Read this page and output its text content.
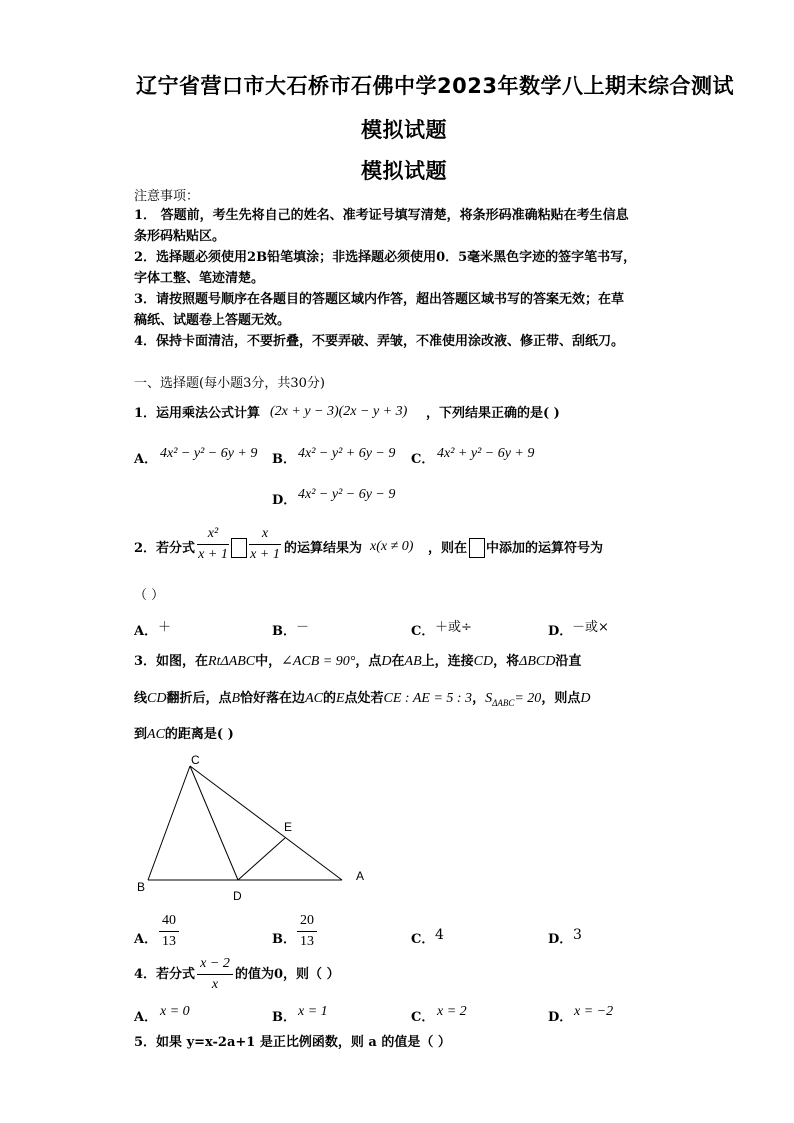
辽宁省营口市大石桥市石佛中学2023年数学八上期末综合测试
模拟试题
模拟试题
注意事项：
1． 答题前，考生先将自己的姓名、准考证号填写清楚，将条形码准确粘贴在考生信息
条形码粘贴区。
2．选择题必须使用2B铅笔填涂；非选择题必须使用0．5毫米黑色字迹的签字笔书写，
字体工整、笔迹清楚。
3．请按照题号顺序在各题目的答题区域内作答，超出答题区域书写的答案无效；在草
稿纸、试题卷上答题无效。
4．保持卡面清洁，不要折叠，不要弄破、弄皱，不准使用涂改液、修正带、刮纸刀。
一、选择题(每小题3分，共30分)
1．运用乘法公式计算 (2x + y − 3)(2x − y + 3) ，下列结果正确的是( )
A． 4x² − y² − 6y + 9 B． 4x² − y² + 6y − 9 C． 4x² + y² − 6y + 9
D． 4x² − y² − 6y − 9
2．若分式
x²
x + 1
x
x + 1 的运算结果为 x(x ≠ 0) ，则在 中添加的运算符号为
（ ）
A． ＋	B． －	C． ＋或÷	D． －或×
3．如图，在RtΔABC中，∠ACB = 90°，点D在AB上，连接CD，将ΔBCD沿直
线CD翻折后，点B恰好落在边AC的E点处若CE : AE = 5 : 3，$S_{\Delta ABC}= 20$，则点D
到AC的距离是( )
C
E
B
D
A
A．
40
13	B．
20
13	C． 4	D． 3
4．若分式
x − 2
x
的值为0，则（ ）
A． x = 0	B． x = 1	C． x = 2	D． x = −2
5．如果 y=x-2a+1 是正比例函数，则 a 的值是（ ）
